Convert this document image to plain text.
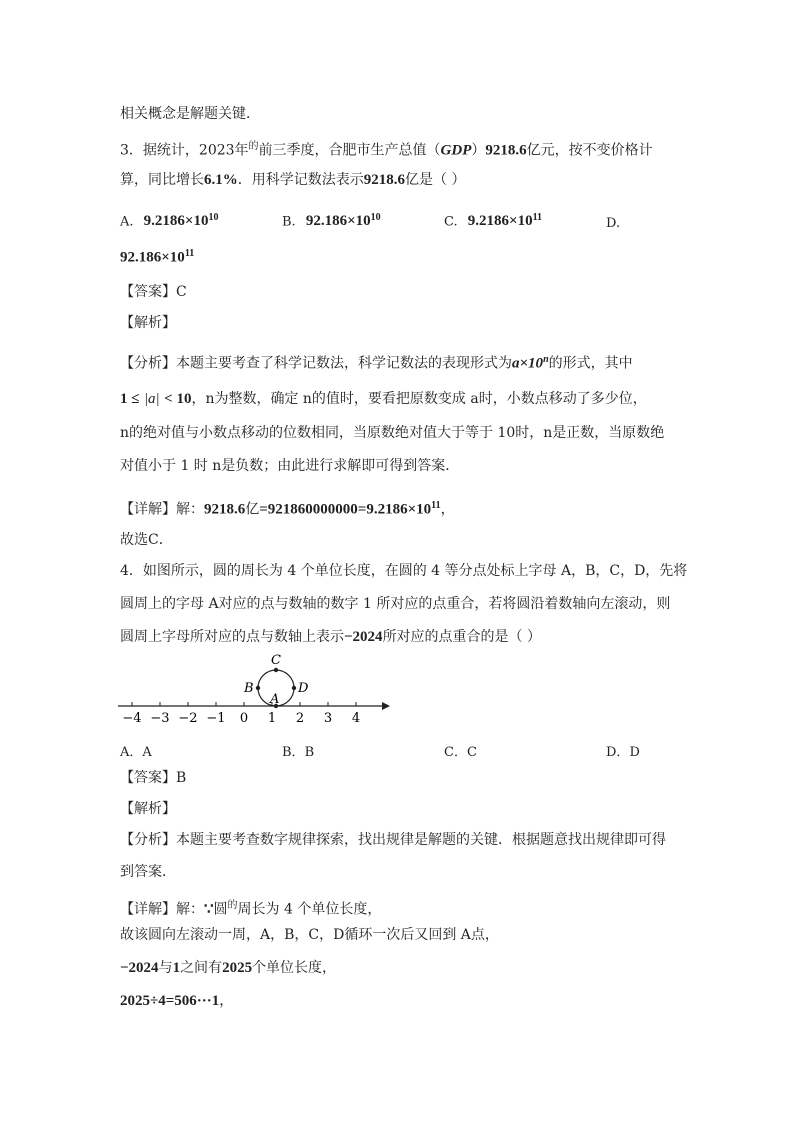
相关概念是解题关键．
3．据统计，2023年$^的$前三季度，合肥市生产总值（GDP）9218.6亿元，按不变价格计
算，同比增长6.1%．用科学记数法表示9218.6亿是（ ）
A. $9.2186\times 10^{10}$	B. $92.186\times 10^{10}$	C. $9.2186\times 10^{11}$	D.
$92.186\times 10^{11}$
【答案】C
【解析】
【分析】本题主要考查了科学记数法，科学记数法的表现形式为$a\times 10^n$的形式，其中
1 ≤ |a| < 10，n为整数，确定 n的值时，要看把原数变成 a时，小数点移动了多少位，
n的绝对值与小数点移动的位数相同，当原数绝对值大于等于 10时，n是正数，当原数绝
对值小于 1 时 n是负数；由此进行求解即可得到答案．
【详解】解：9218.6亿$=921860000000=9.2186\times 10^{11}$，
故选C．
4．如图所示，圆的周长为 4 个单位长度，在圆的 4 等分点处标上字母 A，B，C，D，先将
圆周上的字母 A对应的点与数轴的数字 1 所对应的点重合，若将圆沿着数轴向左滚动，则
圆周上字母所对应的点与数轴上表示−2024所对应的点重合的是（ ）
−4 −3 −2 −1 0 1 2 3 4
A
B
C
D
A．A	B．B	C．C	D．D
【答案】B
【解析】
【分析】本题主要考查数字规律探索，找出规律是解题的关键．根据题意找出规律即可得
到答案．
【详解】解：∵圆$^的$周长为 4 个单位长度，
故该圆向左滚动一周，A，B，C，D循环一次后又回到 A点，
−2024与1之间有2025个单位长度，
2025÷4=506···1，
